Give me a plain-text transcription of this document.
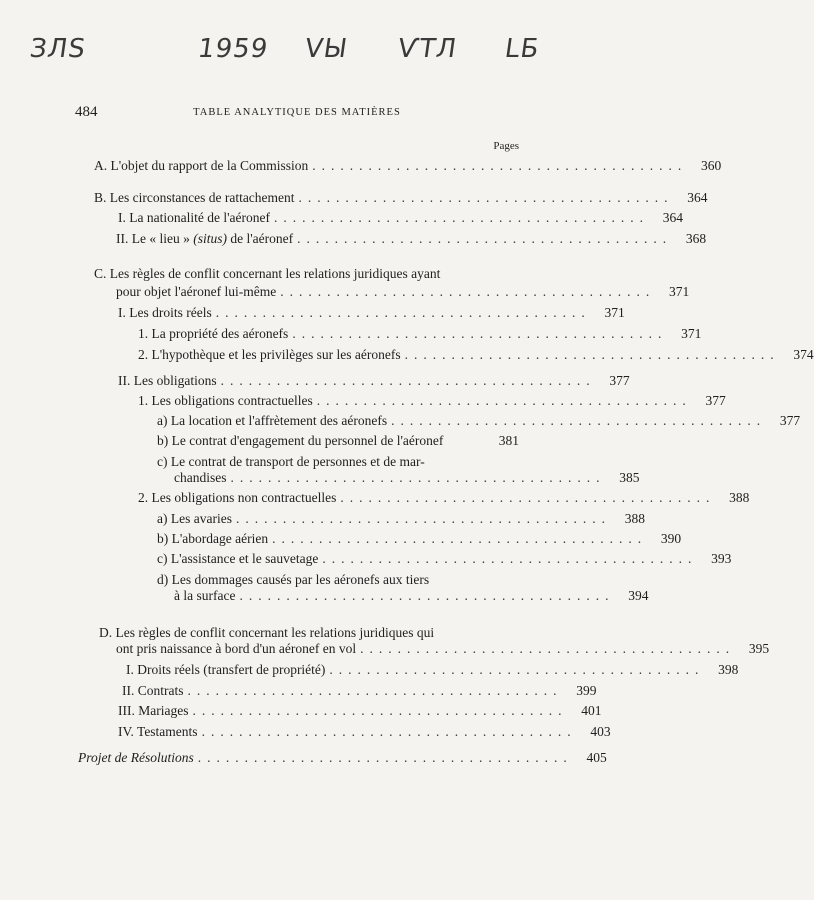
ЗЛS	1959 VЫ ѴТЛ LБ
484	TABLE ANALYTIQUE DES MATIÈRES
Pages
A. L'objet du rapport de la Commission ........................................	360
B. Les circonstances de rattachement ........................................	364
I. La nationalité de l'aéronef ........................................	364
II. Le « lieu » (situs) de l'aéronef ........................................	368
C. Les règles de conflit concernant les relations juridiques ayant
pour objet l'aéronef lui-même ........................................	371
I. Les droits réels ........................................	371
1. La propriété des aéronefs ........................................	371
2. L'hypothèque et les privilèges sur les aéronefs ........................................	374
II. Les obligations ........................................	377
1. Les obligations contractuelles ........................................	377
a) La location et l'affrètement des aéronefs ........................................	377
b) Le contrat d'engagement du personnel de l'aéronef	381
c) Le contrat de transport de personnes et de mar-
chandises ........................................	385
2. Les obligations non contractuelles ........................................	388
a) Les avaries ........................................	388
b) L'abordage aérien ........................................	390
c) L'assistance et le sauvetage ........................................	393
d) Les dommages causés par les aéronefs aux tiers
à la surface ........................................	394
D. Les règles de conflit concernant les relations juridiques qui
ont pris naissance à bord d'un aéronef en vol ........................................	395
I. Droits réels (transfert de propriété) ........................................	398
II. Contrats ........................................	399
III. Mariages ........................................	401
IV. Testaments ........................................	403
Projet de Résolutions ........................................	405
